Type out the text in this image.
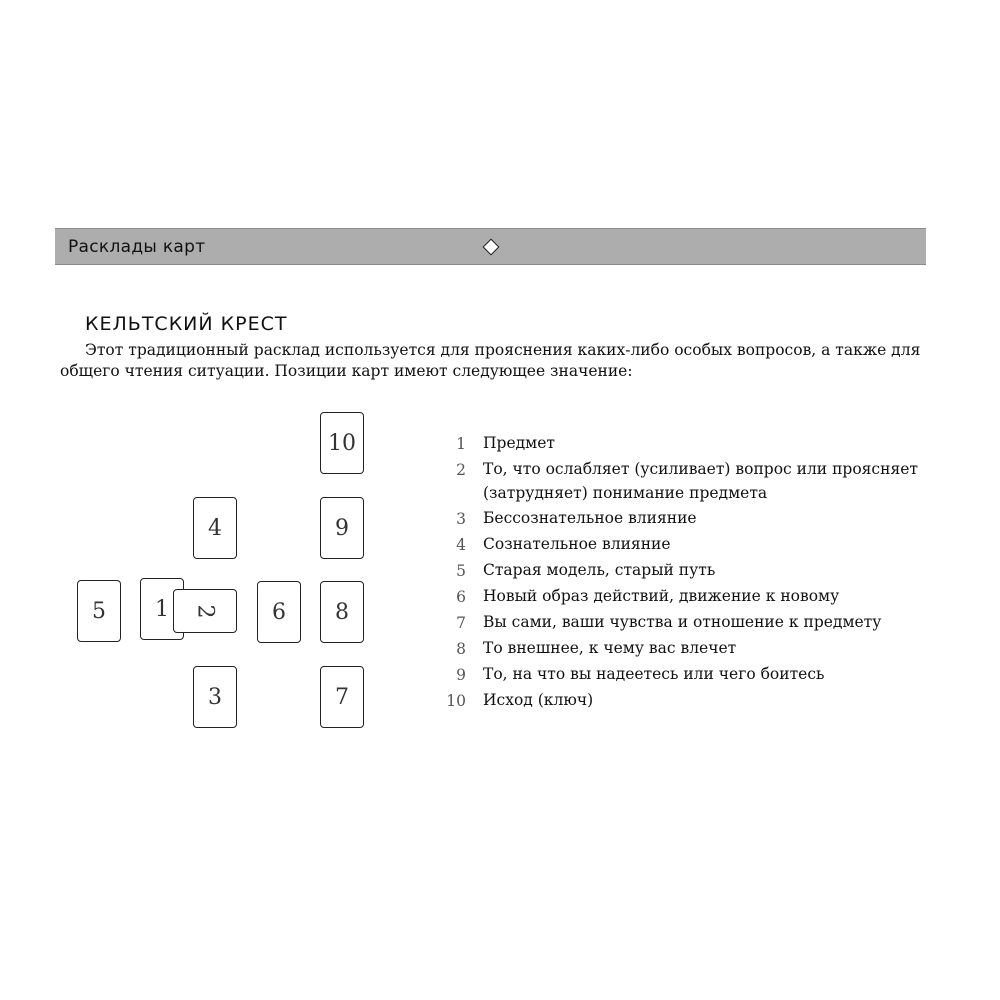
Расклады карт
КЕЛЬТСКИЙ КРЕСТ

Этот традиционный расклад используется для прояснения каких-либо особых вопросов, а также для общего чтения ситуации. Позиции карт имеют следующее значение:

1 2
3
4
5	6
7
8
9
10	1 Предмет
2 То, что ослабляет (усиливает) вопрос или проясняет (затрудняет) понимание предмета
3 Бессознательное влияние
4 Сознательное влияние
5 Старая модель, старый путь
6 Новый образ действий, движение к новому
7 Вы сами, ваши чувства и отношение к предмету
8 То внешнее, к чему вас влечет
9 То, на что вы надеетесь или чего боитесь
10 Исход (ключ)
